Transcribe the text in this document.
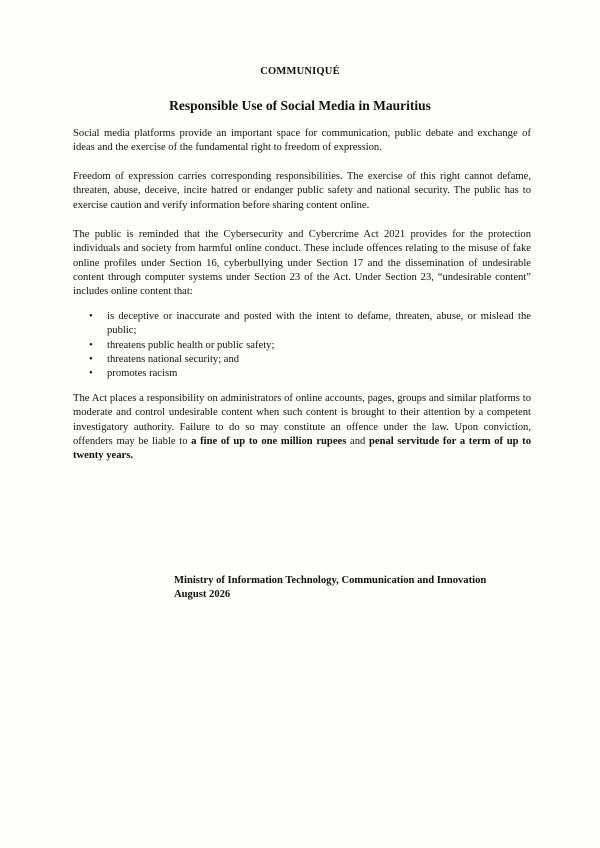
COMMUNIQUÉ
Responsible Use of Social Media in Mauritius

Social media platforms provide an important space for communication, public debate and exchange of ideas and the exercise of the fundamental right to freedom of expression.

Freedom of expression carries corresponding responsibilities. The exercise of this right cannot defame, threaten, abuse, deceive, incite hatred or endanger public safety and national security. The public has to exercise caution and verify information before sharing content online.

The public is reminded that the Cybersecurity and Cybercrime Act 2021 provides for the protection individuals and society from harmful online conduct. These include offences relating to the misuse of fake online profiles under Section 16, cyberbullying under Section 17 and the dissemination of undesirable content through computer systems under Section 23 of the Act. Under Section 23, “undesirable content” includes online content that:

• is deceptive or inaccurate and posted with the intent to defame, threaten, abuse, or mislead the public;
• threatens public health or public safety;
• threatens national security; and
• promotes racism

The Act places a responsibility on administrators of online accounts, pages, groups and similar platforms to moderate and control undesirable content when such content is brought to their attention by a competent investigatory authority. Failure to do so may constitute an offence under the law. Upon conviction, offenders may be liable to a fine of up to one million rupees and penal servitude for a term of up to twenty years.

Ministry of Information Technology, Communication and Innovation
August 2026
